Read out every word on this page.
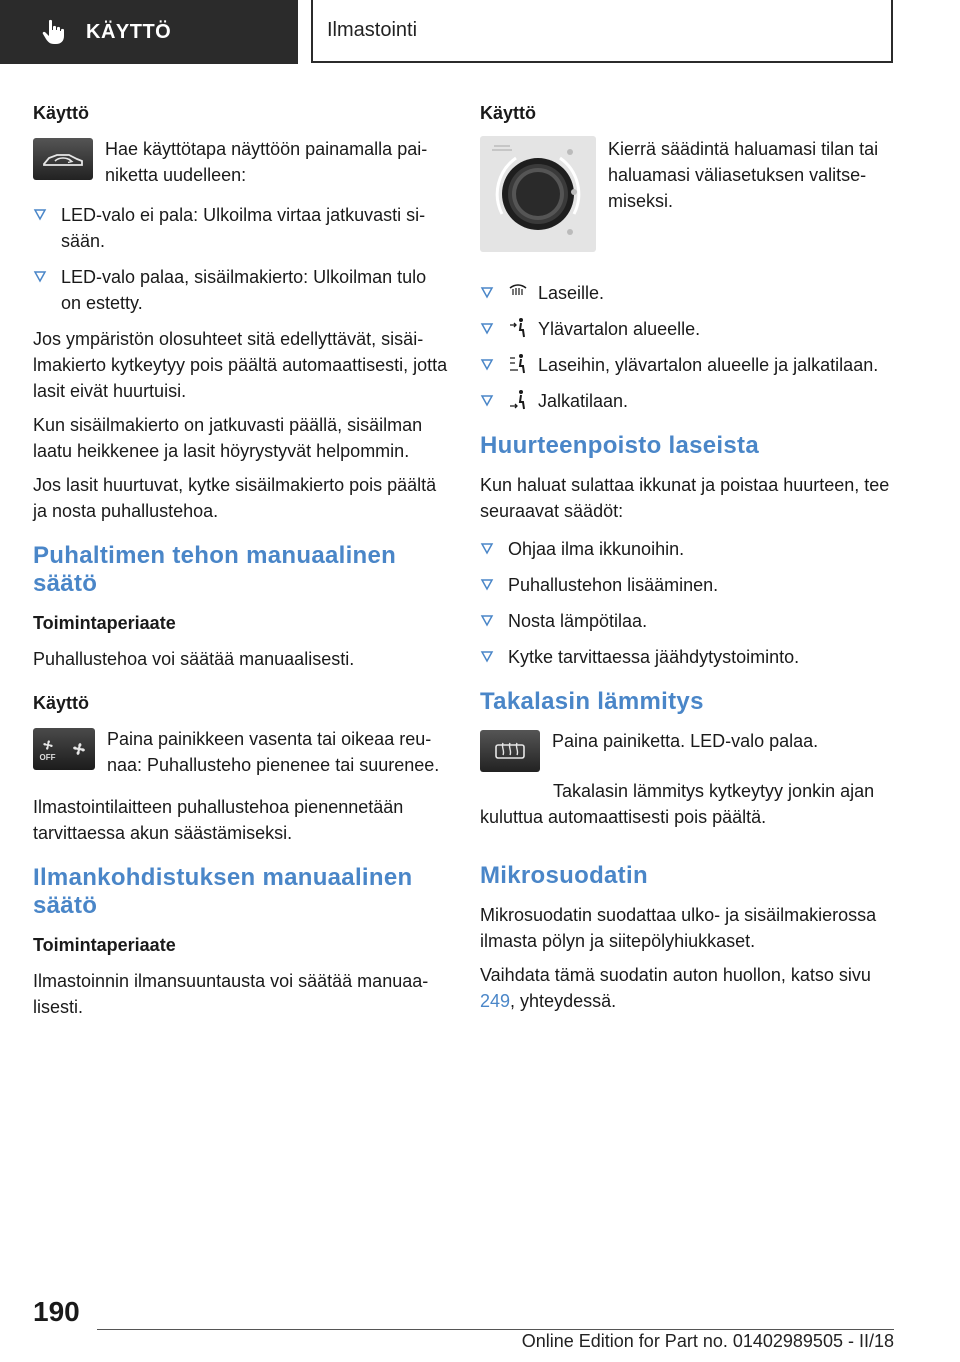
KÄYTTÖ	Ilmastointi
Käyttö

Hae käyttötapa näyttöön painamalla painiketta uudelleen:

LED-valo ei pala: Ulkoilma virtaa jatkuvasti sisään.

LED-valo palaa, sisäilmakierto: Ulkoilman tulo on estetty.

Jos ympäristön olosuhteet sitä edellyttävät, sisäilmakierto kytkeytyy pois päältä automaattisesti, jotta lasit eivät huurtuisi.

Kun sisäilmakierto on jatkuvasti päällä, sisäilman laatu heikkenee ja lasit höyrystyvät helpommin.

Jos lasit huurtuvat, kytke sisäilmakierto pois päältä ja nosta puhallustehoa.

Puhaltimen tehon manuaalinen säätö
Toimintaperiaate

Puhallustehoa voi säätää manuaalisesti.

Käyttö
OFF

Paina painikkeen vasenta tai oikeaa reunaa: Puhallusteho pienenee tai suurenee.

Ilmastointilaitteen puhallustehoa pienennetään tarvittaessa akun säästämiseksi.

Ilmankohdistuksen manuaalinen säätö
Toimintaperiaate

Ilmastoinnin ilmansuuntausta voi säätää manuaalisesti.

Käyttö

Kierrä säädintä haluamasi tilan tai haluamasi väliasetuksen valitsemiseksi.

Laseille.

Ylävartalon alueelle.

Laseihin, ylävartalon alueelle ja jalkatilaan.

Jalkatilaan.

Huurteenpoisto laseista

Kun haluat sulattaa ikkunat ja poistaa huurteen, tee seuraavat säädöt:

Ohjaa ilma ikkunoihin.

Puhallustehon lisääminen.

Nosta lämpötilaa.

Kytke tarvittaessa jäähdytystoiminto.

Takalasin lämmitys

Paina painiketta. LED-valo palaa.

Takalasin lämmitys kytkeytyy jonkin ajan kuluttua automaattisesti pois päältä.

Mikrosuodatin

Mikrosuodatin suodattaa ulko- ja sisäilmakierossa ilmasta pölyn ja siitepölyhiukkaset.

Vaihdata tämä suodatin auton huollon, katso sivu 249, yhteydessä.

190
Online Edition for Part no. 01402989505 - II/18
